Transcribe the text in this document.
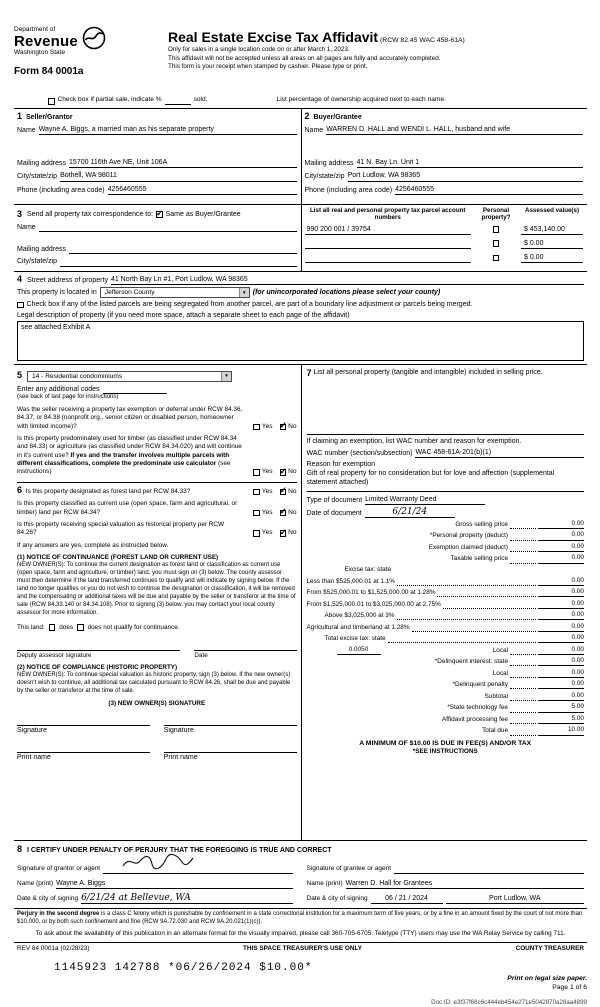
Department of
Revenue
Washington State
Form 84 0001a
Real Estate Excise Tax Affidavit (RCW 82.45 WAC 458-61A)
Only for sales in a single location code on or after March 1, 2023.
This affidavit will not be accepted unless all areas on all pages are fully and accurately completed.
This form is your receipt when stamped by cashier. Please type or print.
Check box if partial sale, indicate %	sold.	List percentage of ownership acquired next to each name.
1 Seller/Grantor
Name Wayne A. Biggs, a married man as his separate property
Mailing address 15700 116th Ave NE, Unit 106A
City/state/zip Bothell, WA 98011
Phone (including area code) 4256460555
2 Buyer/Grantee
Name WARREN D. HALL and WENDI L. HALL, husband and wife
Mailing address 41 N. Bay Ln. Unit 1
City/state/zip Port Ludlow, WA 98365
Phone (including area code) 4256460555
3 Send all property tax correspondence to: ✓ Same as Buyer/Grantee
Name
Mailing address
City/state/zip
List all real and personal property tax parcel account numbers
Personal property?
Assessed value(s)
990 200 001 / 39754	$ 453,140.00
$ 0.00
$ 0.00
4 Street address of property 41 North Bay Ln #1, Port Ludlow, WA 98365
This property is located in	Jefferson County	▼ (for unincorporated locations please select your county)
Check box if any of the listed parcels are being segregated from another parcel, are part of a boundary line adjustment or parcels being merged.
Legal description of property (if you need more space, attach a separate sheet to each page of the affidavit)
see attached Exhibit A
5	14 - Residential condominiums	▼
Enter any additional codes
(see back of last page for instructions)
Was the seller receiving a property tax exemption or deferral under RCW 84.36, 84.37, or 84.38 (nonprofit org., senior citizen or disabled person, homeowner with limited income)?	Yes ✓ No
Is this property predominately used for timber (as classified under RCW 84.34 and 84.33) or agriculture (as classified under RCW 84.34.020) and will continue in it's current use? If yes and the transfer involves multiple parcels with different classifications, complete the predominate use calculator (see instructions)	Yes ✓ No
6 Is this property designated as forest land per RCW 84.33?	Yes ✓ No
Is this property classified as current use (open space, farm and agricultural, or timber) land per RCW 84.34?	Yes ✓ No
Is this property receiving special valuation as historical property per RCW 84.26?	Yes ✓ No
If any answers are yes, complete as instructed below.
(1) NOTICE OF CONTINUANCE (FOREST LAND OR CURRENT USE)
NEW OWNER(S): To continue the current designation as forest land or classification as current use (open space, farm and agriculture, or timber) land, you must sign on (3) below. The county assessor must then determine if the land transferred continues to qualify and will indicate by signing below. If the land no longer qualifies or you do not wish to continue the designation or classification, it will be removed and the compensating or additional taxes will be due and payable by the seller or transferor at the time of sale (RCW 84.33.140 or 84.34.108). Prior to signing (3) below, you may contact your local county assessor for more information.
This land: does does not qualify for continuance.
Deputy assessor signature	Date
(2) NOTICE OF COMPLIANCE (HISTORIC PROPERTY)
NEW OWNER(S): To continue special valuation as historic property, sign (3) below. If the new owner(s) doesn't wish to continue, all additional tax calculated pursuant to RCW 84.26, shall be due and payable by the seller or transferor at the time of sale.
(3) NEW OWNER(S) SIGNATURE
Signature	Signature
Print name	Print name
7 List all personal property (tangible and intangible) included in selling price.
If claiming an exemption, list WAC number and reason for exemption.
WAC number (section/subsection) WAC 458-61A-201(b)(1)
Reason for exemption
Gift of real property for no consideration but for love and affection (supplemental statement attached)
Type of document Limited Warranty Deed
Date of document	6/21/24
Gross selling price	0.00
*Personal property (deduct)	0.00
Exemption claimed (deduct)	0.00
Taxable selling price	0.00
Excise tax: state
Less than $525,000.01 at 1.1%	0.00
From $525,000.01 to $1,525,000.00 at 1.28%	0.00
From $1,525,000.01 to $3,025,000.00 at 2.75%	0.00
Above $3,025,000 at 3%	0.00
Agricultural and timberland at 1.28%	0.00
Total excise tax: state	0.00
0.0050	Local	0.00
*Delinquent interest: state	0.00
Local	0.00
*Delinquent penalty	0.00
Subtotal	0.00
*State technology fee	5.00
Affidavit processing fee	5.00
Total due	10.00
A MINIMUM OF $10.00 IS DUE IN FEE(S) AND/OR TAX
*SEE INSTRUCTIONS
8 I CERTIFY UNDER PENALTY OF PERJURY THAT THE FOREGOING IS TRUE AND CORRECT
Signature of grantor or agent
Name (print) Wayne A. Biggs
Date & city of signing 6/21/24 at Bellevue, WA
Signature of grantee or agent
Name (print) Warren D. Hall for Grantees
Date & city of signing	06 / 21 / 2024	Port Ludlow, WA
Perjury in the second degree is a class C felony which is punishable by confinement in a state correctional institution for a maximum term of five years, or by a fine in an amount fixed by the court of not more than $10,000, or by both such confinement and fine (RCW 9A.72.030 and RCW 9A.20.021(1)(c)).
To ask about the availability of this publication in an alternate format for the visually impaired, please call 360-705-6705. Teletype (TTY) users may use the WA Relay Service by calling 711.
REV 84 0001a (02/28/23)	THIS SPACE TREASURER'S USE ONLY	COUNTY TREASURER
1145923 142788 *06/26/2024 $10.00*
Print on legal size paper.
Page 1 of 6
Doc ID: e3f37f68c6c444eb454e271e5042870a28aa4899
